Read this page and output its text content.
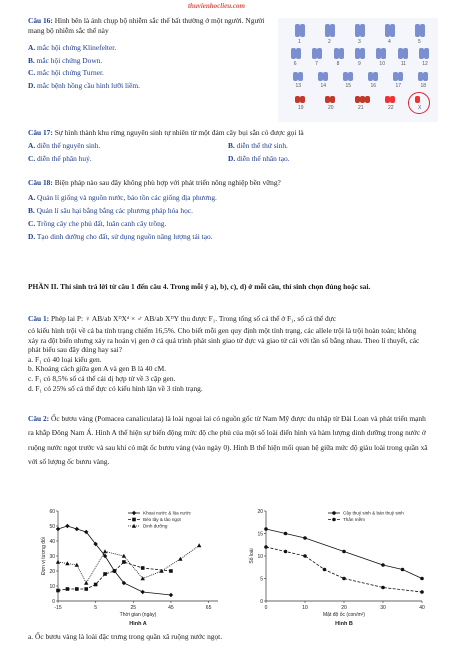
thuvienhoclieu.com
Câu 16: Hình bên là ảnh chụp bộ nhiễm sắc thể bất thường ở một người. Người mang bộ nhiễm sắc thể này
A. mắc hội chứng Klinefelter.
B. mắc hội chứng Down.
C. mắc hội chứng Turner.
D. mắc bệnh hồng cầu hình lưỡi liềm.
1	2	3	4	5
6	7	8	9	10	11	12
13	14	15	16	17	18
19	20	21	22	X
Câu 17: Sự hình thành khu rừng nguyên sinh tự nhiên từ một đám cây bụi sẵn có được gọi là
A. diễn thế nguyên sinh.	B. diễn thế thứ sinh.
C. diễn thế phân huỷ.	D. diễn thế nhân tạo.
Câu 18: Biện pháp nào sau đây không phù hợp với phát triển nông nghiệp bền vững?
A. Quản lí giống và nguồn nước, bảo tồn các giống địa phương.
B. Quản lí sâu hại bằng bằng các phương pháp hóa học.
C. Trồng cây che phủ đất, luân canh cây trồng.
D. Tạo dinh dưỡng cho đất, sử dụng nguồn năng lượng tái tạo.
PHẦN II. Thí sinh trả lời từ câu 1 đến câu 4. Trong mỗi ý a), b), c), d) ở mỗi câu, thí sinh chọn đúng hoặc sai.
Câu 1: Phép lai P: ♀ AB/ab XᴰXᵈ × ♂ AB/ab XᴰY thu được F₁. Trong tổng số cá thể ở F₁, số cá thể đực
có kiểu hình trội về cả ba tính trạng chiếm 16,5%. Cho biết mỗi gen quy định một tính trạng, các allele trội là trội hoàn toàn; không xảy ra đột biến nhưng xảy ra hoán vị gen ở cả quá trình phát sinh giao tử đực và giao tử cái với tần số bằng nhau. Theo lí thuyết, các phát biểu sau đây đúng hay sai?
a. F₁ có 40 loại kiểu gen.
b. Khoảng cách giữa gen A và gen B là 40 cM.
c. F₁ có 8,5% số cá thể cái dị hợp tử về 3 cặp gen.
d. F₁ có 25% số cá thể đực có kiểu hình lặn về 3 tính trạng.
Câu 2: Ốc bươu vàng (Pomacea canaliculata) là loài ngoại lai có nguồn gốc từ Nam Mỹ được du nhập từ Đài Loan và phát triển mạnh ra khắp Đông Nam Á. Hình A thể hiện sự biến động mức độ che phủ của một số loài điển hình và hàm lượng dinh dưỡng trong nước ở ruộng nước ngọt trước và sau khi có mặt ốc bươu vàng (vào ngày 0). Hình B thể hiện mối quan hệ giữa mức độ giàu loài trong quần xã với số lượng ốc bươu vàng.
0
10
20
30
40
50
60
-15	5	25	45	65
Thời gian (ngày)
Đơn vị tương đối
Hình A
Khoai nước & lúa nước
Bèo tây & tảo ngọt
Dinh dưỡng
0
5
10
15
20
0	10	20	30	40
Mật độ ốc (con/m²)
Số loài
Hình B
Cây thuỷ sinh & bán thuỷ sinh
Thân mềm
a. Ốc bươu vàng là loài đặc trưng trong quần xã ruộng nước ngọt.
